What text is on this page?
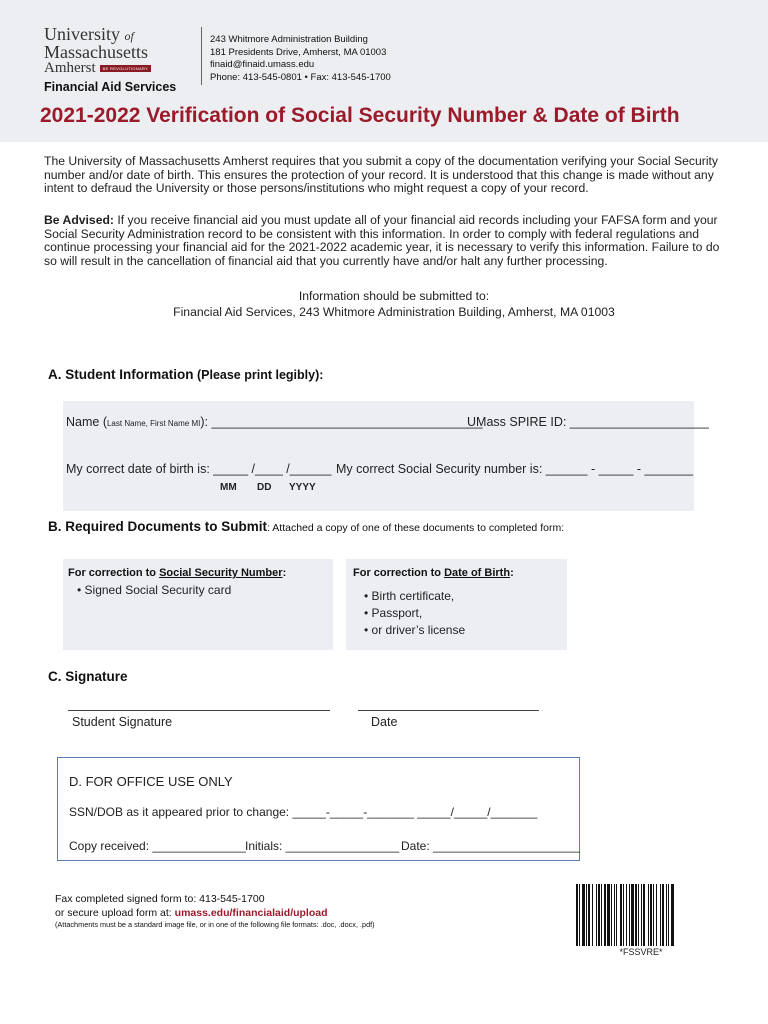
University of
Massachusetts
Amherst	BE REVOLUTIONARY
Financial Aid Services
243 Whitmore Administration Building
181 Presidents Drive, Amherst, MA 01003
finaid@finaid.umass.edu
Phone: 413-545-0801 • Fax: 413-545-1700
2021-2022 Verification of Social Security Number & Date of Birth
The University of Massachusetts Amherst requires that you submit a copy of the documentation verifying your Social Security number and/or date of birth. This ensures the protection of your record. It is understood that this change is made without any intent to defraud the University or those persons/institutions who might request a copy of your record.
Be Advised: If you receive financial aid you must update all of your financial aid records including your FAFSA form and your Social Security Administration record to be consistent with this information. In order to comply with federal regulations and continue processing your financial aid for the 2021-2022 academic year, it is necessary to verify this information. Failure to do so will result in the cancellation of financial aid that you currently have and/or halt any further processing.
Information should be submitted to:
Financial Aid Services, 243 Whitmore Administration Building, Amherst, MA 01003
A. Student Information (Please print legibly):
Name (Last Name, First Name MI): _______________________________________
UMass SPIRE ID: ____________________
My correct date of birth is: _____ /____ /______ My correct Social Security number is: ______ - _____ - _______
MM DD YYYY
B. Required Documents to Submit: Attached a copy of one of these documents to completed form:
For correction to Social Security Number:
• Signed Social Security card
For correction to Date of Birth:
• Birth certificate,
• Passport,
• or driver’s license
C. Signature
Student Signature	Date
D. FOR OFFICE USE ONLY
SSN/DOB as it appeared prior to change: _____-_____-_______ _____/_____/_______
Copy received: ______________ Initials: _________________ Date: ______________________
Fax completed signed form to: 413-545-1700
or secure upload form at: umass.edu/financialaid/upload
(Attachments must be a standard image file, or in one of the following file formats: .doc, .docx, .pdf)
*FSSVRE*
